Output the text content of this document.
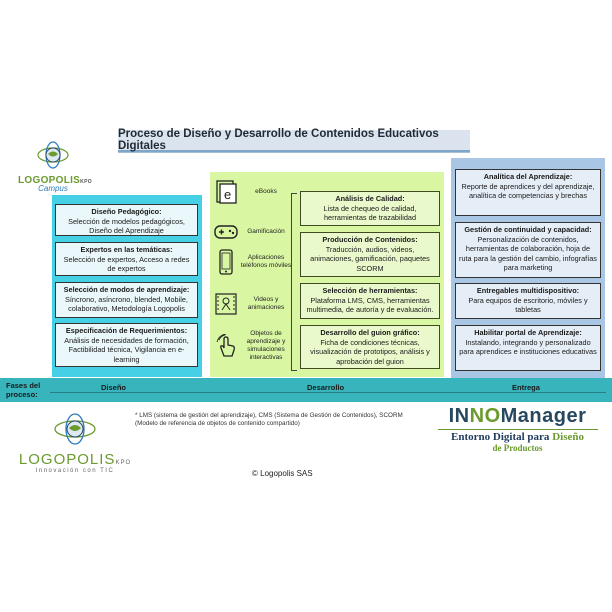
Proceso de Diseño y Desarrollo de Contenidos Educativos Digitales
LOGOPOLISKPO
Campus
Diseño Pedagógico:
Selección de modelos pedagógicos, Diseño del Aprendizaje
Expertos en las temáticas:
Selección de expertos, Acceso a redes de expertos
Selección de modos de aprendizaje:
Síncrono, asíncrono, blended, Mobile, colaborativo, Metodología Logopolis
Especificación de Requerimientos:
Análisis de necesidades de formación, Factibilidad técnica, Vigilancia en e-learning
e	eBooks
Gamificación
Aplicaciones teléfonos móviles
Videos y animaciones
Objetos de aprendizaje y simulaciones interactivas
Análisis de Calidad:
Lista de chequeo de calidad, herramientas de trazabilidad
Producción de Contenidos:
Traducción, audios, videos, animaciones, gamificación, paquetes SCORM
Selección de herramientas:
Plataforma LMS, CMS, herramientas multimedia, de autoría y de evaluación.
Desarrollo del guion gráfico:
Ficha de condiciones técnicas, visualización de prototipos, análisis y aprobación del guion
Analítica del Aprendizaje:
Reporte de aprendices y del aprendizaje, analítica de competencias y brechas
Gestión de continuidad y capacidad:
Personalización de contenidos, herramientas de colaboración, hoja de ruta para la gestión del cambio, infografías para marketing
Entregables multidispositivo:
Para equipos de escritorio, móviles y tabletas
Habilitar portal de Aprendizaje:
Instalando, integrando y personalizado para aprendices e instituciones educativas
Fases del proceso:
Diseño	Desarrollo	Entrega
* LMS (sistema de gestión del aprendizaje), CMS (Sistema de Gestión de Contenidos), SCORM (Modelo de referencia de objetos de contenido compartido)
LOGOPOLISKPO
Innovación con TIC	© Logopolis SAS
INNOManager
Entorno Digital para Diseño
de Productos
